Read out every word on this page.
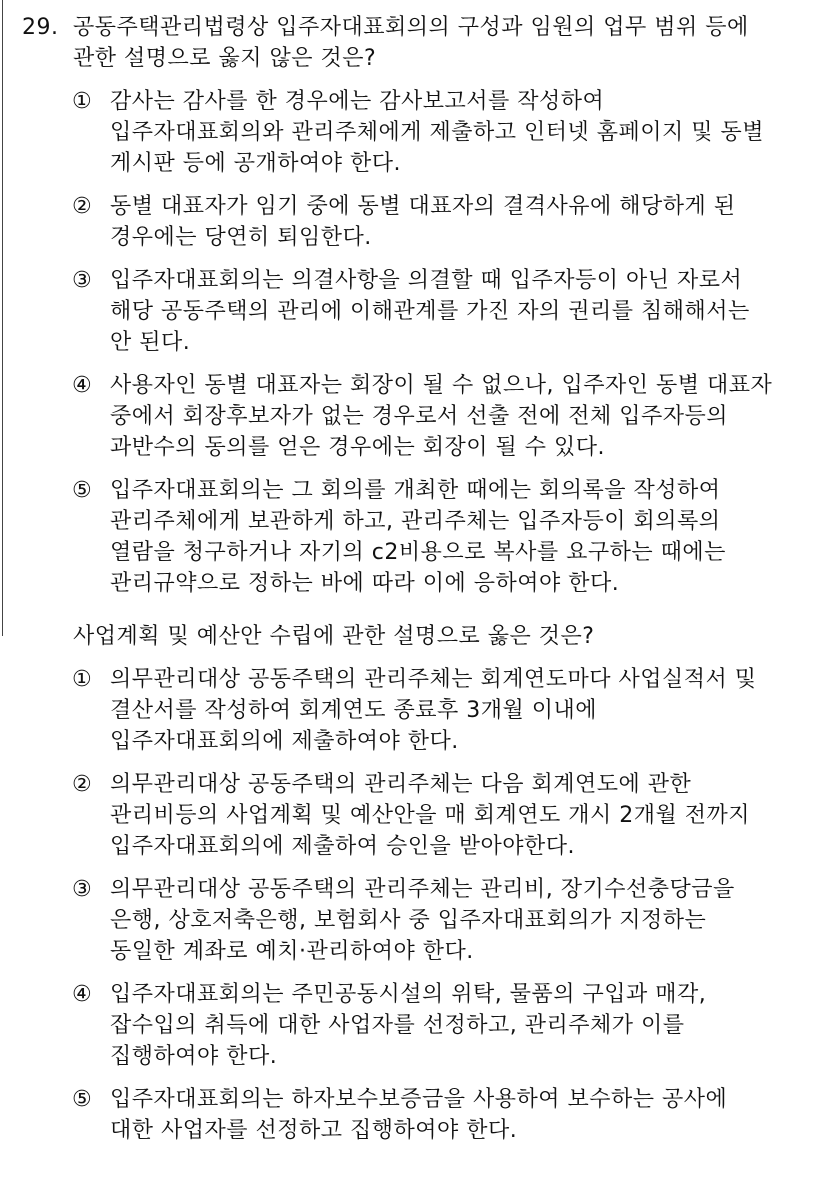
29. 공동주택관리법령상 입주자대표회의의 구성과 임원의 업무 범위 등에 관한 설명으로 옳지 않은 것은?
① 감사는 감사를 한 경우에는 감사보고서를 작성하여 입주자대표회의와 관리주체에게 제출하고 인터넷 홈페이지 및 동별 게시판 등에 공개하여야 한다.
② 동별 대표자가 임기 중에 동별 대표자의 결격사유에 해당하게 된 경우에는 당연히 퇴임한다.
③ 입주자대표회의는 의결사항을 의결할 때 입주자등이 아닌 자로서 해당 공동주택의 관리에 이해관계를 가진 자의 권리를 침해해서는 안 된다.
④ 사용자인 동별 대표자는 회장이 될 수 없으나, 입주자인 동별 대표자 중에서 회장후보자가 없는 경우로서 선출 전에 전체 입주자등의 과반수의 동의를 얻은 경우에는 회장이 될 수 있다.
⑤ 입주자대표회의는 그 회의를 개최한 때에는 회의록을 작성하여 관리주체에게 보관하게 하고, 관리주체는 입주자등이 회의록의 열람을 청구하거나 자기의 c2비용으로 복사를 요구하는 때에는 관리규약으로 정하는 바에 따라 이에 응하여야 한다.
사업계획 및 예산안 수립에 관한 설명으로 옳은 것은?
① 의무관리대상 공동주택의 관리주체는 회계연도마다 사업실적서 및 결산서를 작성하여 회계연도 종료후 3개월 이내에 입주자대표회의에 제출하여야 한다.
② 의무관리대상 공동주택의 관리주체는 다음 회계연도에 관한 관리비등의 사업계획 및 예산안을 매 회계연도 개시 2개월 전까지 입주자대표회의에 제출하여 승인을 받아야한다.
③ 의무관리대상 공동주택의 관리주체는 관리비, 장기수선충당금을 은행, 상호저축은행, 보험회사 중 입주자대표회의가 지정하는 동일한 계좌로 예치·관리하여야 한다.
④ 입주자대표회의는 주민공동시설의 위탁, 물품의 구입과 매각, 잡수입의 취득에 대한 사업자를 선정하고, 관리주체가 이를 집행하여야 한다.
⑤ 입주자대표회의는 하자보수보증금을 사용하여 보수하는 공사에 대한 사업자를 선정하고 집행하여야 한다.
